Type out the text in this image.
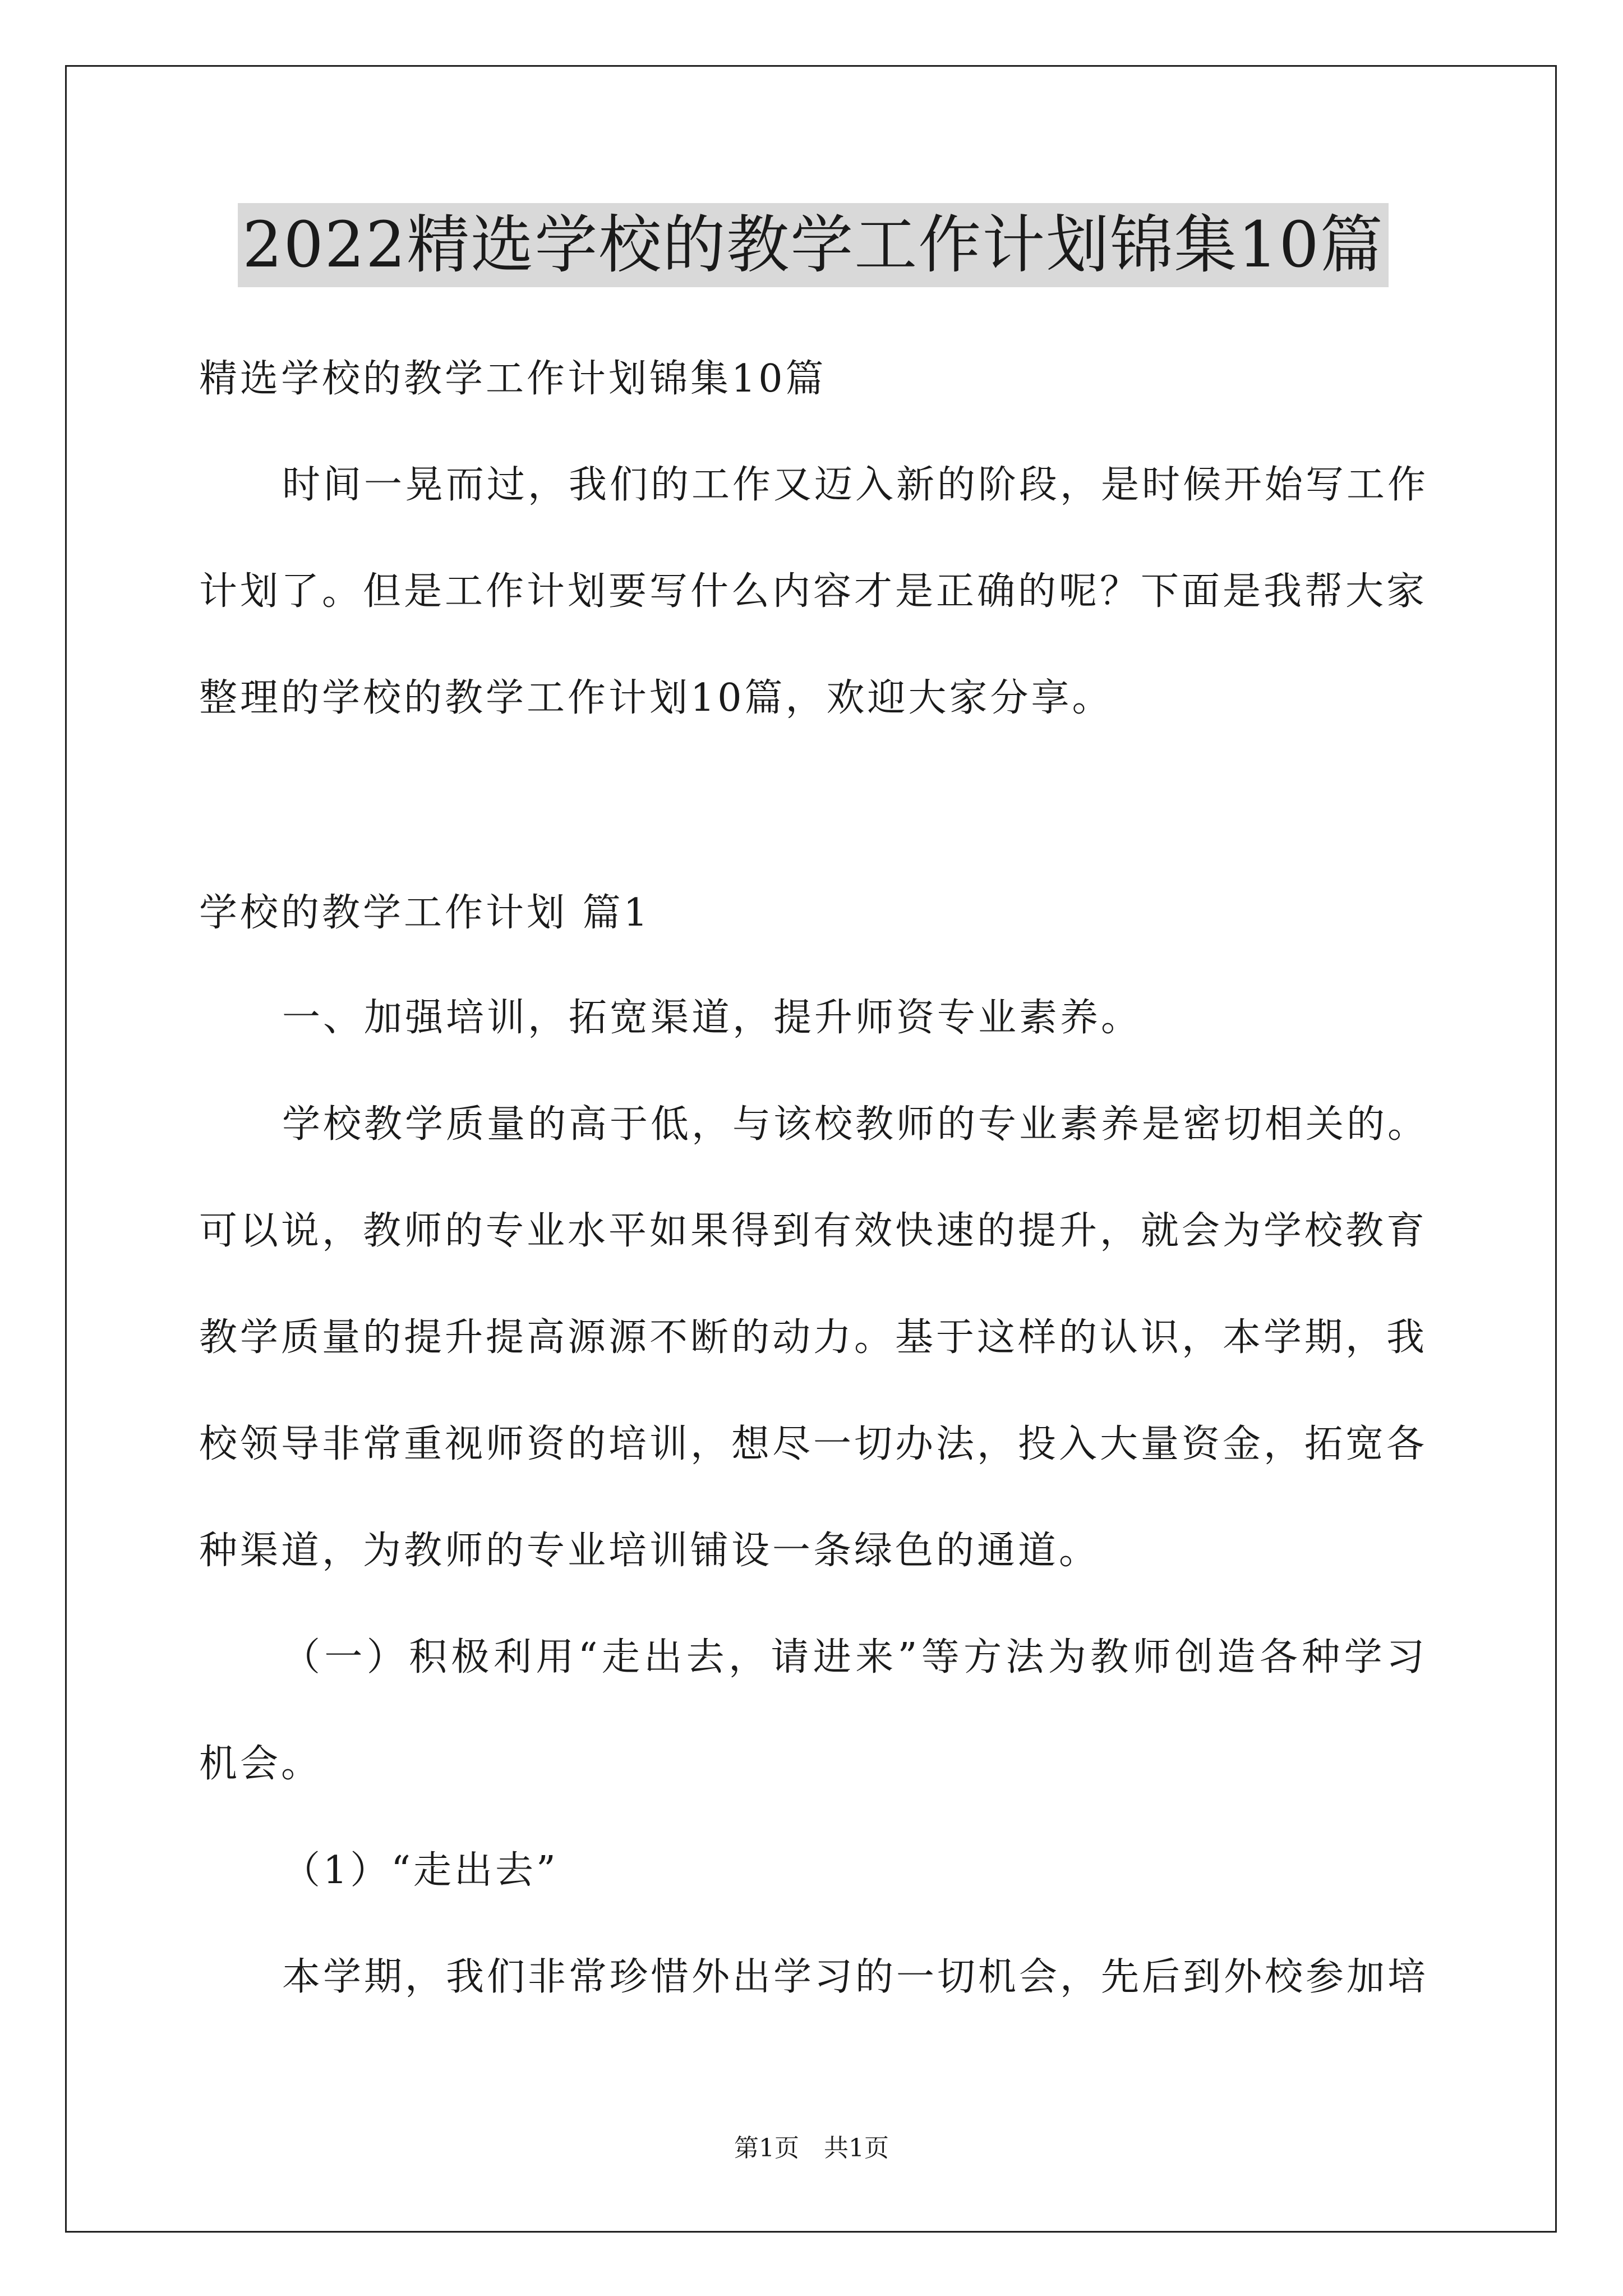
2022精选学校的教学工作计划锦集10篇
精选学校的教学工作计划锦集10篇
时间一晃而过，我们的工作又迈入新的阶段，是时候开始写工作
计划了。但是工作计划要写什么内容才是正确的呢？下面是我帮大家
整理的学校的教学工作计划10篇，欢迎大家分享。
学校的教学工作计划 篇1
一、加强培训，拓宽渠道，提升师资专业素养。
学校教学质量的高于低，与该校教师的专业素养是密切相关的。
可以说，教师的专业水平如果得到有效快速的提升，就会为学校教育
教学质量的提升提高源源不断的动力。基于这样的认识，本学期，我
校领导非常重视师资的培训，想尽一切办法，投入大量资金，拓宽各
种渠道，为教师的专业培训铺设一条绿色的通道。
（一）积极利用“走出去，请进来”等方法为教师创造各种学习
机会。
（1）“走出去”
本学期，我们非常珍惜外出学习的一切机会，先后到外校参加培
第1页　共1页
